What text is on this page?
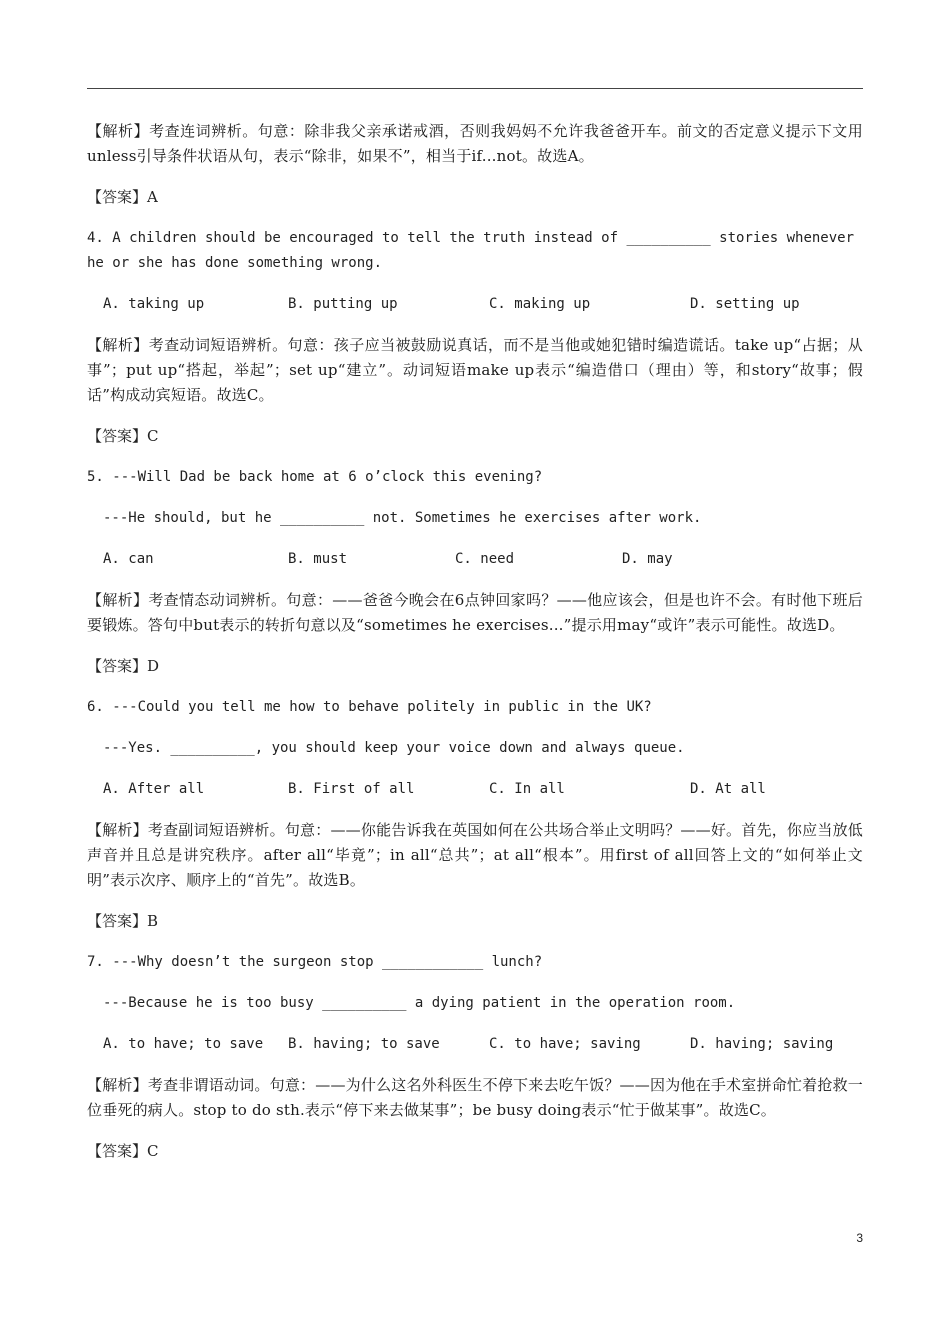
【解析】考查连词辨析。句意：除非我父亲承诺戒酒，否则我妈妈不允许我爸爸开车。前文的否定意义提示下文用unless引导条件状语从句，表示“除非，如果不”，相当于if...not。故选A。

【答案】A

4. A children should be encouraged to tell the truth instead of __________ stories whenever he or she has done something wrong.

A. taking up	B. putting up	C. making up	D. setting up

【解析】考查动词短语辨析。句意：孩子应当被鼓励说真话，而不是当他或她犯错时编造谎话。take up“占据；从事”；put up“搭起，举起”；set up“建立”。动词短语make up表示“编造借口（理由）等，和story“故事；假话”构成动宾短语。故选C。

【答案】C

5. ---Will Dad be back home at 6 o’clock this evening?

---He should, but he __________ not. Sometimes he exercises after work.

A. can	B. must	C. need	D. may

【解析】考查情态动词辨析。句意：——爸爸今晚会在6点钟回家吗？——他应该会，但是也许不会。有时他下班后要锻炼。答句中but表示的转折句意以及“sometimes he exercises...”提示用may“或许”表示可能性。故选D。

【答案】D

6. ---Could you tell me how to behave politely in public in the UK?

---Yes. __________, you should keep your voice down and always queue.

A. After all	B. First of all	C. In all	D. At all

【解析】考查副词短语辨析。句意：——你能告诉我在英国如何在公共场合举止文明吗？——好。首先，你应当放低声音并且总是讲究秩序。after all“毕竟”；in all“总共”；at all“根本”。用first of all回答上文的“如何举止文明”表示次序、顺序上的“首先”。故选B。

【答案】B

7. ---Why doesn’t the surgeon stop ____________ lunch?

---Because he is too busy __________ a dying patient in the operation room.

A. to have; to save	B. having; to save	C. to have; saving	D. having; saving

【解析】考查非谓语动词。句意：——为什么这名外科医生不停下来去吃午饭？——因为他在手术室拼命忙着抢救一位垂死的病人。stop to do sth.表示“停下来去做某事”；be busy doing表示“忙于做某事”。故选C。

【答案】C

3
